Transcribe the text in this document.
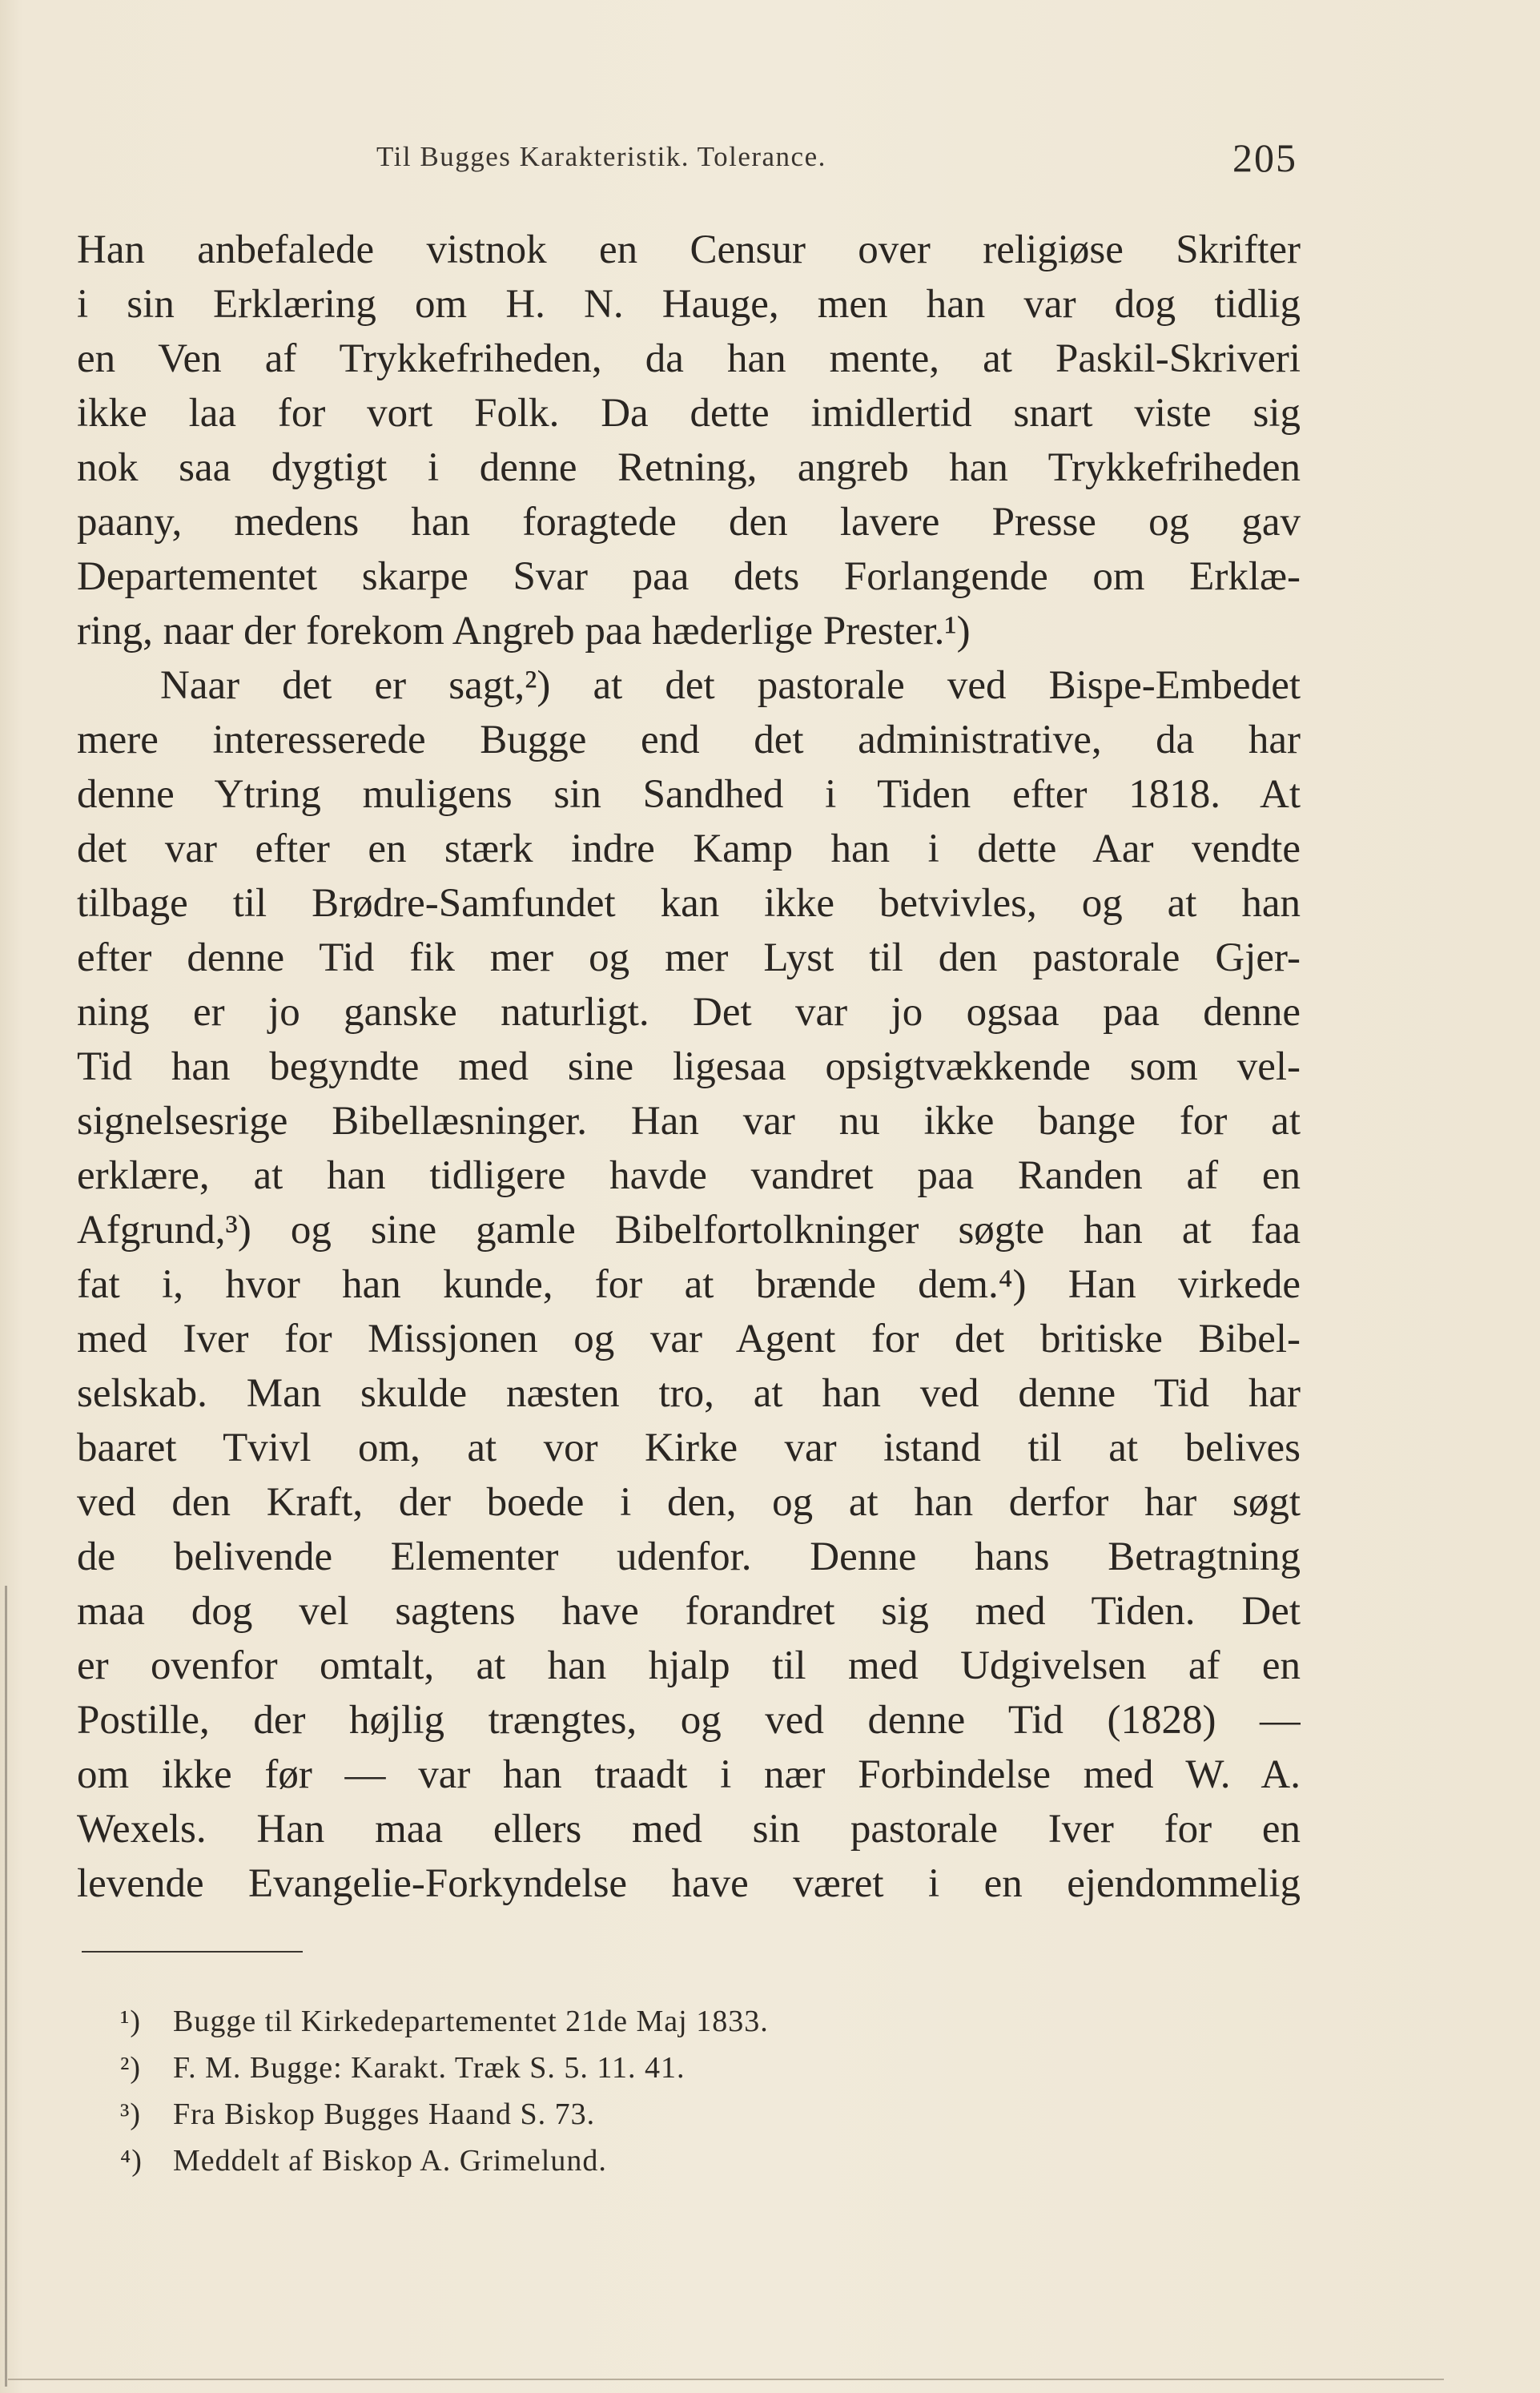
Til Bugges Karakteristik. Tolerance.	205
Han anbefalede vistnok en Censur over religiøse Skrifter
i sin Erklæring om H. N. Hauge, men han var dog tidlig
en Ven af Trykkefriheden, da han mente, at Paskil-Skriveri
ikke laa for vort Folk. Da dette imidlertid snart viste sig
nok saa dygtigt i denne Retning, angreb han Trykkefriheden
paany, medens han foragtede den lavere Presse og gav
Departementet skarpe Svar paa dets Forlangende om Erklæ-
ring, naar der forekom Angreb paa hæderlige Prester.¹)
Naar det er sagt,²) at det pastorale ved Bispe-Embedet
mere interesserede Bugge end det administrative, da har
denne Ytring muligens sin Sandhed i Tiden efter 1818. At
det var efter en stærk indre Kamp han i dette Aar vendte
tilbage til Brødre-Samfundet kan ikke betvivles, og at han
efter denne Tid fik mer og mer Lyst til den pastorale Gjer-
ning er jo ganske naturligt. Det var jo ogsaa paa denne
Tid han begyndte med sine ligesaa opsigtvækkende som vel-
signelsesrige Bibellæsninger. Han var nu ikke bange for at
erklære, at han tidligere havde vandret paa Randen af en
Afgrund,³) og sine gamle Bibelfortolkninger søgte han at faa
fat i, hvor han kunde, for at brænde dem.⁴) Han virkede
med Iver for Missjonen og var Agent for det britiske Bibel-
selskab. Man skulde næsten tro, at han ved denne Tid har
baaret Tvivl om, at vor Kirke var istand til at belives
ved den Kraft, der boede i den, og at han derfor har søgt
de belivende Elementer udenfor. Denne hans Betragtning
maa dog vel sagtens have forandret sig med Tiden. Det
er ovenfor omtalt, at han hjalp til med Udgivelsen af en
Postille, der højlig trængtes, og ved denne Tid (1828) —
om ikke før — var han traadt i nær Forbindelse med W. A.
Wexels. Han maa ellers med sin pastorale Iver for en
levende Evangelie-Forkyndelse have været i en ejendommelig
¹) Bugge til Kirkedepartementet 21de Maj 1833.
²) F. M. Bugge: Karakt. Træk S. 5. 11. 41.
³) Fra Biskop Bugges Haand S. 73.
⁴) Meddelt af Biskop A. Grimelund.
